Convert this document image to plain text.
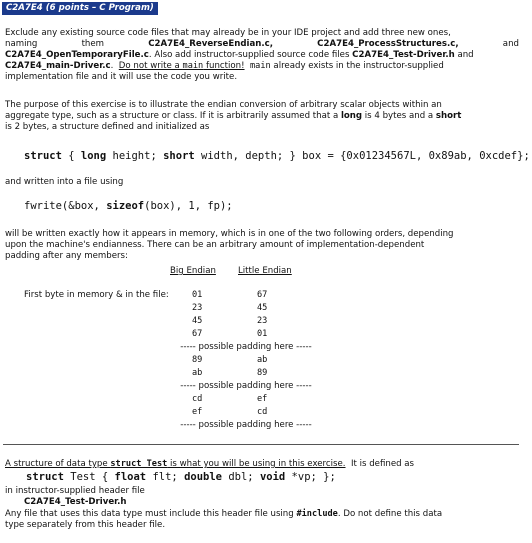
C2A7E4 (6 points – C Program)
Exclude any existing source code files that may already be in your IDE project and add three new ones,
naming	them	C2A7E4_ReverseEndian.c,	C2A7E4_ProcessStructures.c,	and
C2A7E4_OpenTemporaryFile.c. Also add instructor-supplied source code files C2A7E4_Test-Driver.h and
C2A7E4_main-Driver.c.  Do not write a main function! main already exists in the instructor-supplied
implementation file and it will use the code you write.
The purpose of this exercise is to illustrate the endian conversion of arbitrary scalar objects within an
aggregate type, such as a structure or class. If it is arbitrarily assumed that a long is 4 bytes and a short
is 2 bytes, a structure defined and initialized as
struct { long height; short width, depth; } box = {0x01234567L, 0x89ab, 0xcdef};
and written into a file using
fwrite(&box, sizeof(box), 1, fp);
will be written exactly how it appears in memory, which is in one of the two following orders, depending
upon the machine's endianness. There can be an arbitrary amount of implementation-dependent
padding after any members:
Big Endian	Little Endian
First byte in memory & in the file:	01	67
23	45
45	23
67	01
----- possible padding here -----
89	ab
ab	89
----- possible padding here -----
cd	ef
ef	cd
----- possible padding here -----
A structure of data type struct Test is what you will be using in this exercise.  It is defined as
struct Test { float flt; double dbl; void *vp; };
in instructor-supplied header file
C2A7E4_Test-Driver.h
Any file that uses this data type must include this header file using #include. Do not define this data
type separately from this header file.
